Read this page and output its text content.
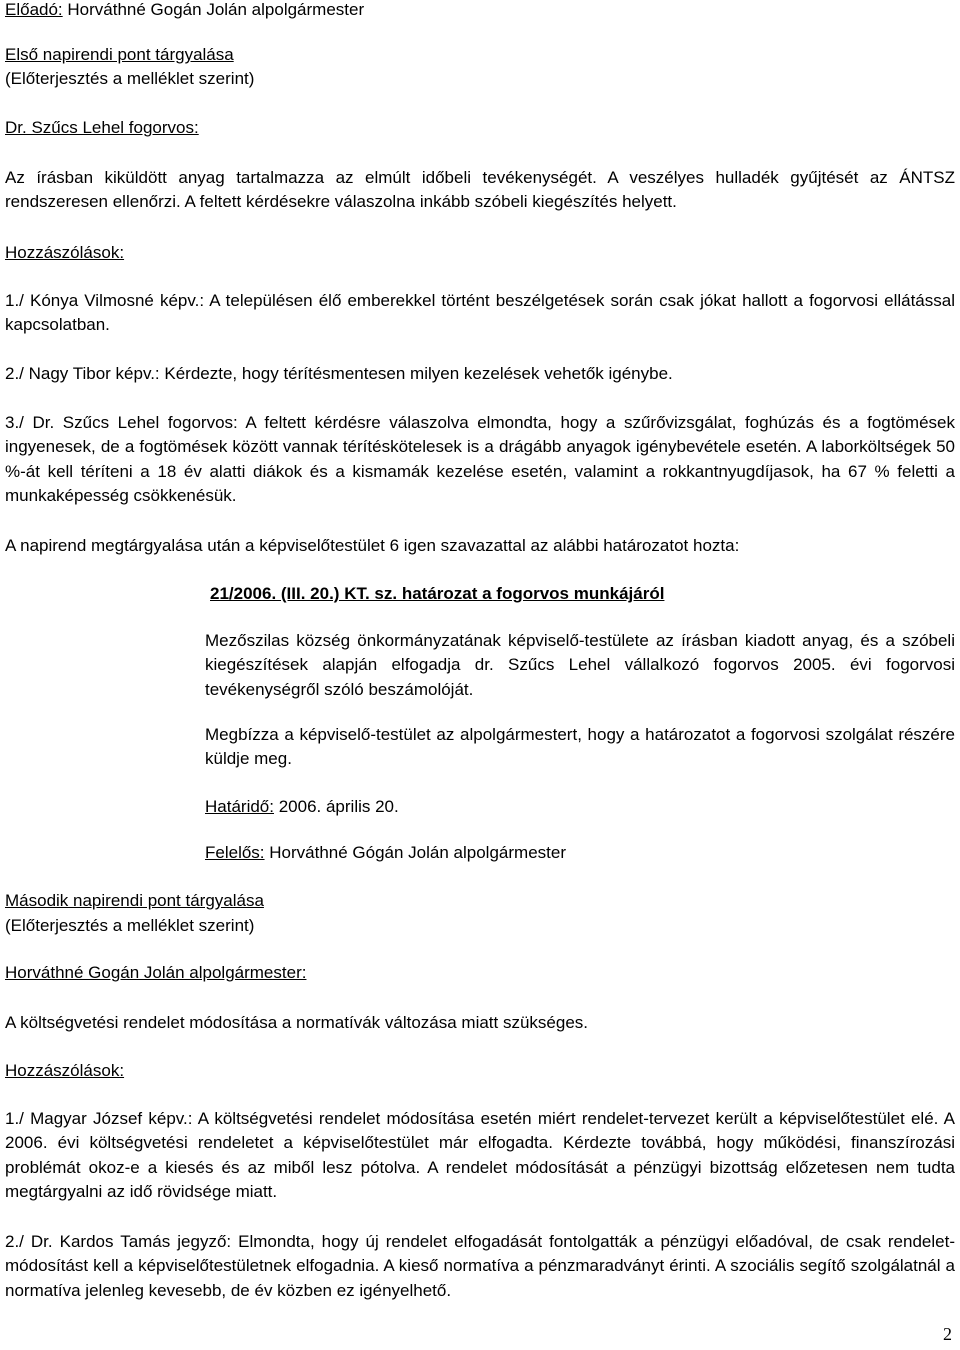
Előadó: Horváthné Gogán Jolán alpolgármester
Első napirendi pont tárgyalása
(Előterjesztés a melléklet szerint)
Dr. Szűcs Lehel fogorvos:
Az írásban kiküldött anyag tartalmazza az elmúlt időbeli tevékenységét. A veszélyes hulladék gyűjtését az ÁNTSZ rendszeresen ellenőrzi. A feltett kérdésekre válaszolna inkább szóbeli kiegészítés helyett.
Hozzászólások:
1./ Kónya Vilmosné képv.: A településen élő emberekkel történt beszélgetések során csak jókat hallott a fogorvosi ellátással kapcsolatban.
2./ Nagy Tibor képv.: Kérdezte, hogy térítésmentesen milyen kezelések vehetők igénybe.
3./ Dr. Szűcs Lehel fogorvos: A feltett kérdésre válaszolva elmondta, hogy a szűrővizsgálat, foghúzás és a fogtömések ingyenesek, de a fogtömések között vannak térítéskötelesek is a drágább anyagok igénybevétele esetén. A laborköltségek 50 %-át kell téríteni a 18 év alatti diákok és a kismamák kezelése esetén, valamint a rokkantnyugdíjasok, ha 67 % feletti a munkaképesség csökkenésük.
A napirend megtárgyalása után a képviselőtestület 6 igen szavazattal az alábbi határozatot hozta:
21/2006. (III. 20.) KT. sz. határozat a fogorvos munkájáról
Mezőszilas község önkormányzatának képviselő-testülete az írásban kiadott anyag, és a szóbeli kiegészítések alapján elfogadja dr. Szűcs Lehel vállalkozó fogorvos 2005. évi fogorvosi tevékenységről szóló beszámolóját.
Megbízza a képviselő-testület az alpolgármestert, hogy a határozatot a fogorvosi szolgálat részére küldje meg.
Határidő: 2006. április 20.
Felelős: Horváthné Gógán Jolán alpolgármester
Második napirendi pont tárgyalása
(Előterjesztés a melléklet szerint)
Horváthné Gogán Jolán alpolgármester:
A költségvetési rendelet módosítása a normatívák változása miatt szükséges.
Hozzászólások:
1./ Magyar József képv.: A költségvetési rendelet módosítása esetén miért rendelet-tervezet került a képviselőtestület elé. A 2006. évi költségvetési rendeletet a képviselőtestület már elfogadta. Kérdezte továbbá, hogy működési, finanszírozási problémát okoz-e a kiesés és az miből lesz pótolva. A rendelet módosítását a pénzügyi bizottság előzetesen nem tudta megtárgyalni az idő rövidsége miatt.
2./ Dr. Kardos Tamás jegyző: Elmondta, hogy új rendelet elfogadását fontolgatták a pénzügyi előadóval, de csak rendelet-módosítást kell a képviselőtestületnek elfogadnia. A kieső normatíva a pénzmaradványt érinti. A szociális segítő szolgálatnál a normatíva jelenleg kevesebb, de év közben ez igényelhető.
2
